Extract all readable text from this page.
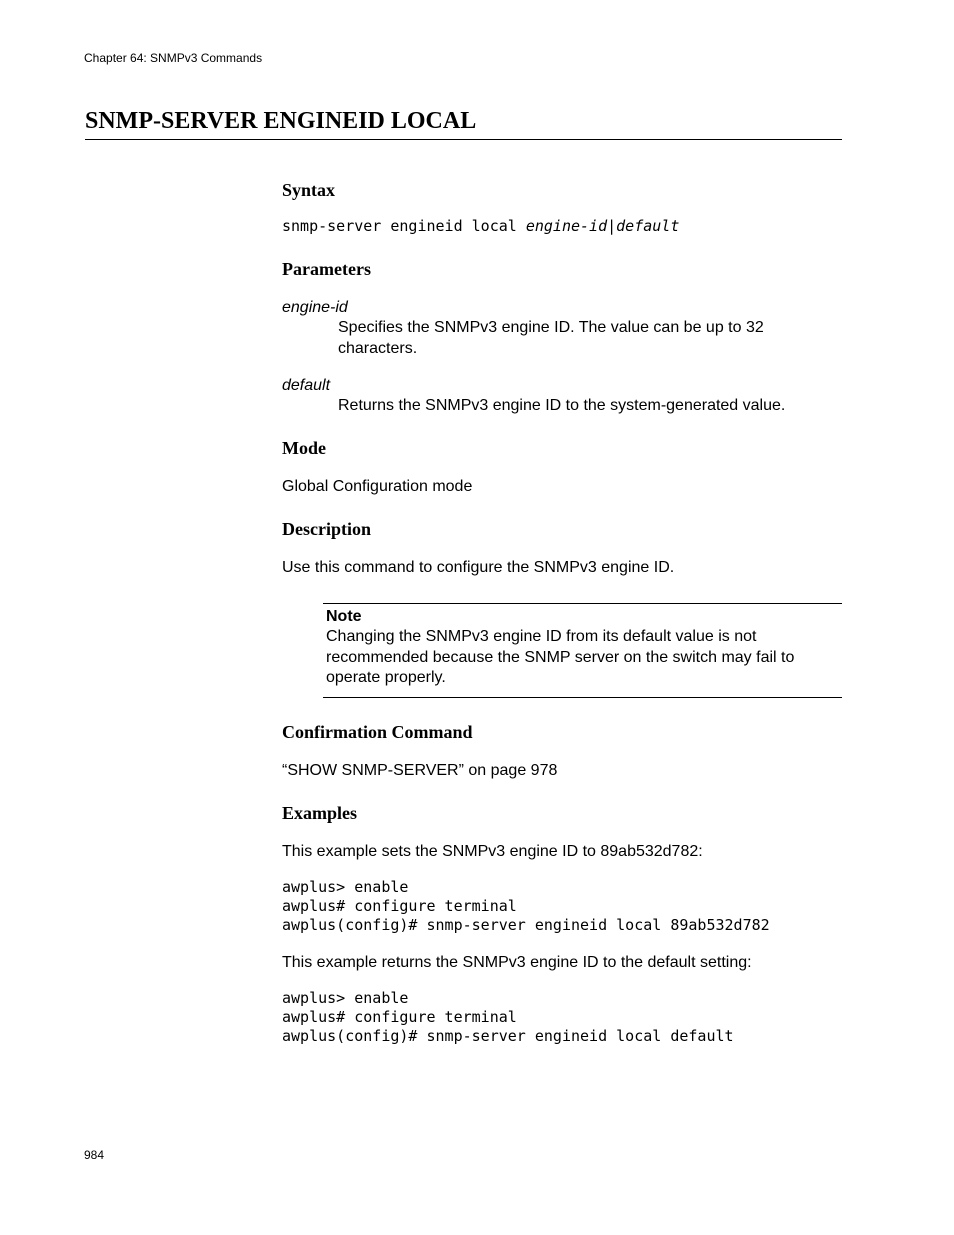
Chapter 64: SNMPv3 Commands
SNMP-SERVER ENGINEID LOCAL
Syntax
snmp-server engineid local engine-id|default
Parameters
engine-id
Specifies the SNMPv3 engine ID. The value can be up to 32 characters.
default
Returns the SNMPv3 engine ID to the system-generated value.
Mode
Global Configuration mode
Description
Use this command to configure the SNMPv3 engine ID.
Confirmation Command
“SHOW SNMP-SERVER” on page 978
Examples
This example sets the SNMPv3 engine ID to 89ab532d782:
awplus> enable
awplus# configure terminal
awplus(config)# snmp-server engineid local 89ab532d782
This example returns the SNMPv3 engine ID to the default setting:
awplus> enable
awplus# configure terminal
awplus(config)# snmp-server engineid local default
Note
Changing the SNMPv3 engine ID from its default value is not recommended because the SNMP server on the switch may fail to operate properly.
984
